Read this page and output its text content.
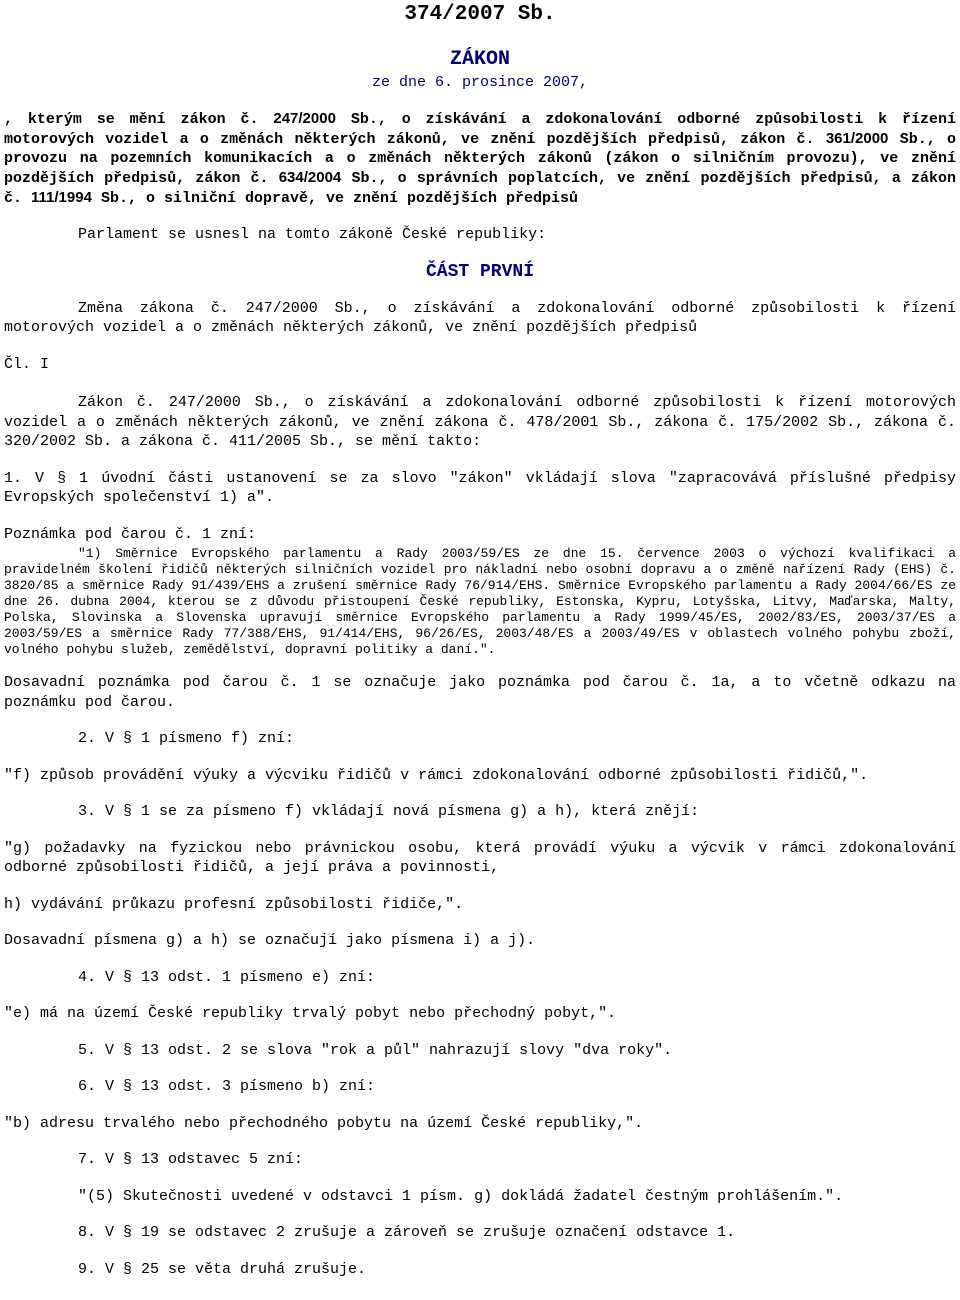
374/2007 Sb.
ZÁKON
ze dne 6. prosince 2007,
, kterým se mění zákon č. 247/2000 Sb., o získávání a zdokonalování odborné způsobilosti k řízení motorových vozidel a o změnách některých zákonů, ve znění pozdějších předpisů, zákon č. 361/2000 Sb., o provozu na pozemních komunikacích a o změnách některých zákonů (zákon o silničním provozu), ve znění pozdějších předpisů, zákon č. 634/2004 Sb., o správních poplatcích, ve znění pozdějších předpisů, a zákon č. 111/1994 Sb., o silniční dopravě, ve znění pozdějších předpisů
Parlament se usnesl na tomto zákoně České republiky:
ČÁST PRVNÍ
Změna zákona č. 247/2000 Sb., o získávání a zdokonalování odborné způsobilosti k řízení motorových vozidel a o změnách některých zákonů, ve znění pozdějších předpisů
Čl. I
Zákon č. 247/2000 Sb., o získávání a zdokonalování odborné způsobilosti k řízení motorových vozidel a o změnách některých zákonů, ve znění zákona č. 478/2001 Sb., zákona č. 175/2002 Sb., zákona č. 320/2002 Sb. a zákona č. 411/2005 Sb., se mění takto:
1. V § 1 úvodní části ustanovení se za slovo "zákon" vkládají slova "zapracovává příslušné předpisy Evropských společenství 1) a".
Poznámka pod čarou č. 1 zní:
"1) Směrnice Evropského parlamentu a Rady 2003/59/ES ze dne 15. července 2003 o výchozí kvalifikaci a pravidelném školení řidičů některých silničních vozidel pro nákladní nebo osobní dopravu a o změně nařízení Rady (EHS) č. 3820/85 a směrnice Rady 91/439/EHS a zrušení směrnice Rady 76/914/EHS. Směrnice Evropského parlamentu a Rady 2004/66/ES ze dne 26. dubna 2004, kterou se z důvodu přistoupení České republiky, Estonska, Kypru, Lotyšska, Litvy, Maďarska, Malty, Polska, Slovinska a Slovenska upravují směrnice Evropského parlamentu a Rady 1999/45/ES, 2002/83/ES, 2003/37/ES a 2003/59/ES a směrnice Rady 77/388/EHS, 91/414/EHS, 96/26/ES, 2003/48/ES a 2003/49/ES v oblastech volného pohybu zboží, volného pohybu služeb, zemědělství, dopravní politiky a daní.".
Dosavadní poznámka pod čarou č. 1 se označuje jako poznámka pod čarou č. 1a, a to včetně odkazu na poznámku pod čarou.
2. V § 1 písmeno f) zní:
"f) způsob provádění výuky a výcviku řidičů v rámci zdokonalování odborné způsobilosti řidičů,".
3. V § 1 se za písmeno f) vkládají nová písmena g) a h), která znějí:
"g) požadavky na fyzickou nebo právnickou osobu, která provádí výuku a výcvik v rámci zdokonalování odborné způsobilosti řidičů, a její práva a povinnosti,
h) vydávání průkazu profesní způsobilosti řidiče,".
Dosavadní písmena g) a h) se označují jako písmena i) a j).
4. V § 13 odst. 1 písmeno e) zní:
"e) má na území České republiky trvalý pobyt nebo přechodný pobyt,".
5. V § 13 odst. 2 se slova "rok a půl" nahrazují slovy "dva roky".
6. V § 13 odst. 3 písmeno b) zní:
"b) adresu trvalého nebo přechodného pobytu na území České republiky,".
7. V § 13 odstavec 5 zní:
"(5) Skutečnosti uvedené v odstavci 1 písm. g) dokládá žadatel čestným prohlášením.".
8. V § 19 se odstavec 2 zrušuje a zároveň se zrušuje označení odstavce 1.
9. V § 25 se věta druhá zrušuje.
